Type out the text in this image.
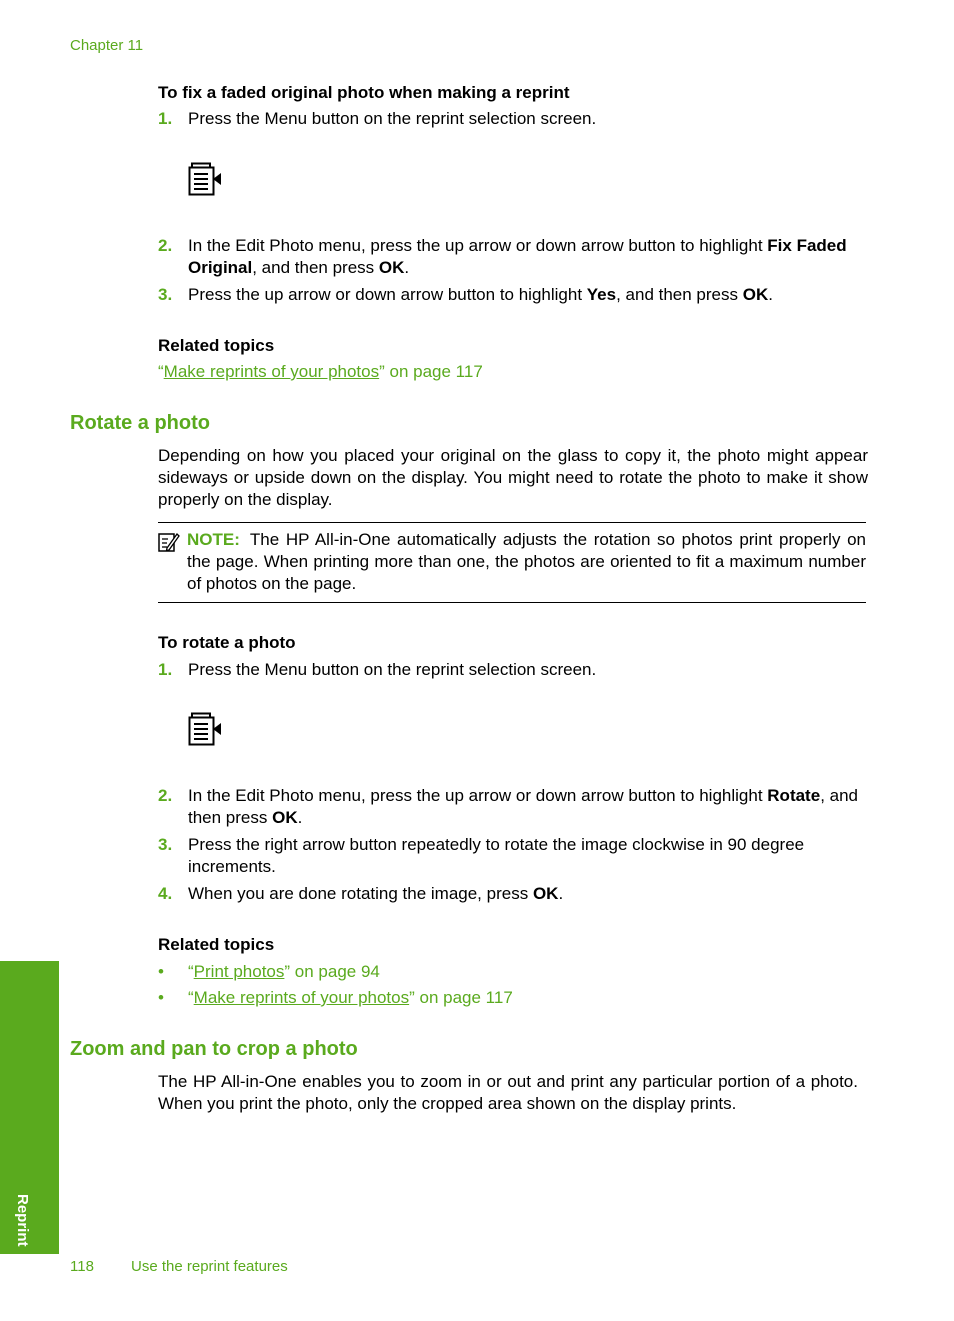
Chapter 11
To fix a faded original photo when making a reprint
1. Press the Menu button on the reprint selection screen.
2. In the Edit Photo menu, press the up arrow or down arrow button to highlight Fix Faded Original, and then press OK.
3. Press the up arrow or down arrow button to highlight Yes, and then press OK.
Related topics
“Make reprints of your photos” on page 117
Rotate a photo
Depending on how you placed your original on the glass to copy it, the photo might appear sideways or upside down on the display. You might need to rotate the photo to make it show properly on the display.
NOTE: The HP All-in-One automatically adjusts the rotation so photos print properly on the page. When printing more than one, the photos are oriented to fit a maximum number of photos on the page.
To rotate a photo
1. Press the Menu button on the reprint selection screen.
2. In the Edit Photo menu, press the up arrow or down arrow button to highlight Rotate, and then press OK.
3. Press the right arrow button repeatedly to rotate the image clockwise in 90 degree increments.
4. When you are done rotating the image, press OK.
Related topics
• “Print photos” on page 94
• “Make reprints of your photos” on page 117
Zoom and pan to crop a photo
The HP All-in-One enables you to zoom in or out and print any particular portion of a photo. When you print the photo, only the cropped area shown on the display prints.
Reprint
118 Use the reprint features
